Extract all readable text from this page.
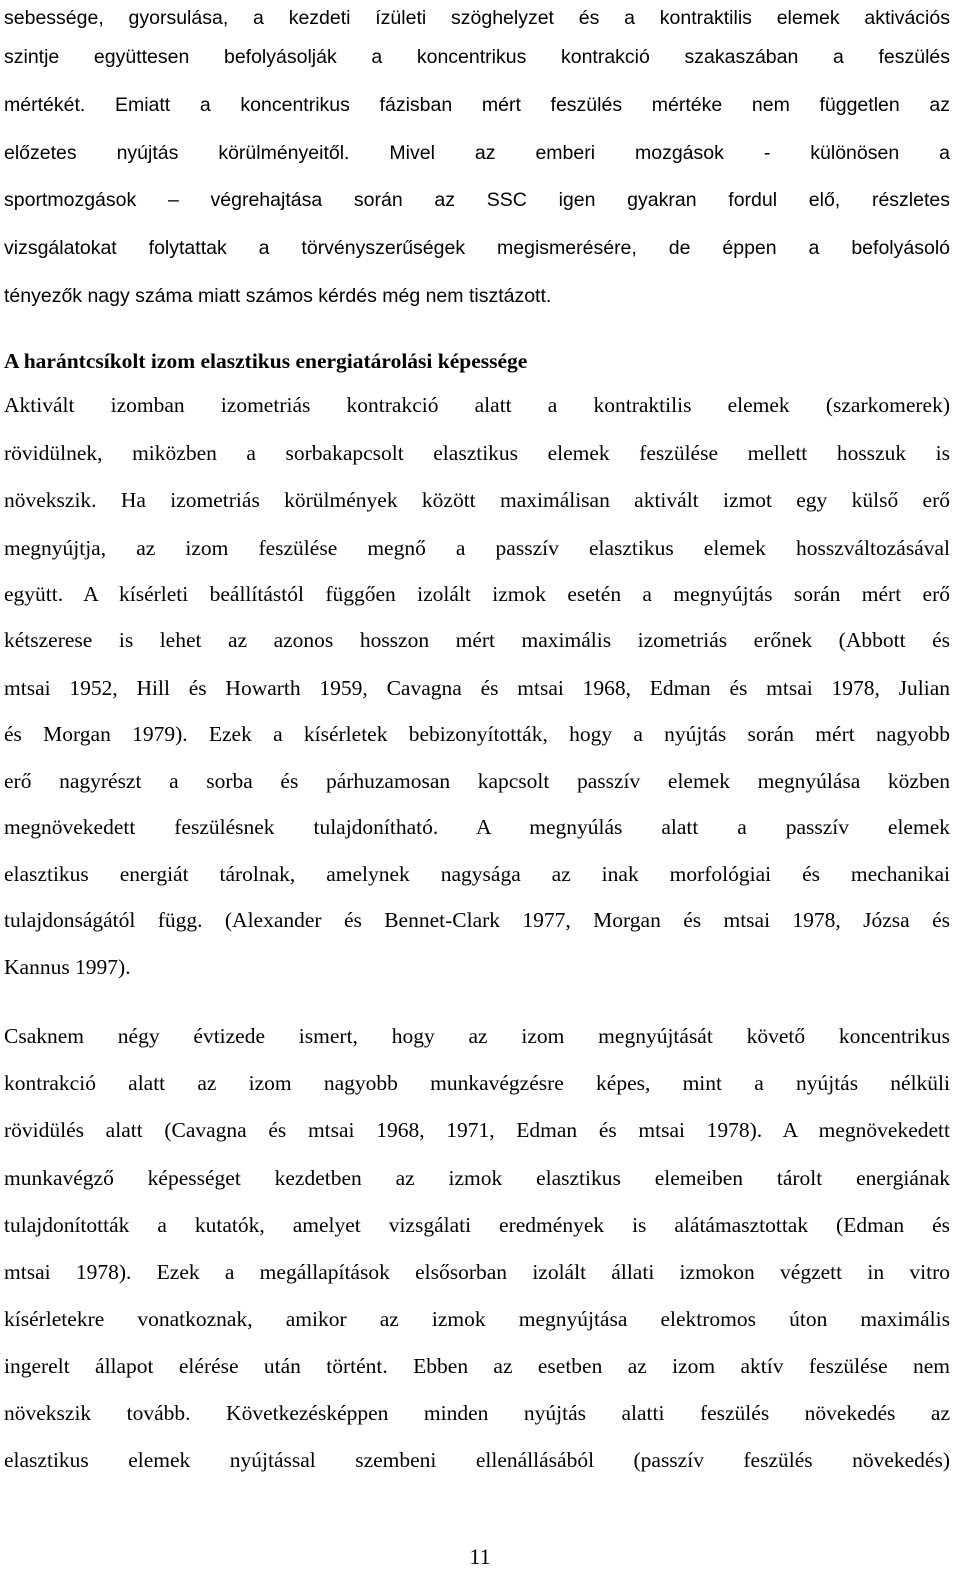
sebessége, gyorsulása, a kezdeti ízületi szöghelyzet és a kontraktilis elemek aktivációs
szintje együttesen befolyásolják a koncentrikus kontrakció szakaszában a feszülés
mértékét. Emiatt a koncentrikus fázisban mért feszülés mértéke nem független az
előzetes nyújtás körülményeitől. Mivel az emberi mozgások - különösen a
sportmozgások – végrehajtása során az SSC igen gyakran fordul elő, részletes
vizsgálatokat folytattak a törvényszerűségek megismerésére, de éppen a befolyásoló
tényezők nagy száma miatt számos kérdés még nem tisztázott.
A harántcsíkolt izom elasztikus energiatárolási képessége
Aktivált izomban izometriás kontrakció alatt a kontraktilis elemek (szarkomerek)
rövidülnek, miközben a sorbakapcsolt elasztikus elemek feszülése mellett hosszuk is
növekszik. Ha izometriás körülmények között maximálisan aktivált izmot egy külső erő
megnyújtja, az izom feszülése megnő a passzív elasztikus elemek hosszváltozásával
együtt. A kísérleti beállítástól függően izolált izmok esetén a megnyújtás során mért erő
kétszerese is lehet az azonos hosszon mért maximális izometriás erőnek (Abbott és
mtsai 1952, Hill és Howarth 1959, Cavagna és mtsai 1968, Edman és mtsai 1978, Julian
és Morgan 1979). Ezek a kísérletek bebizonyították, hogy a nyújtás során mért nagyobb
erő nagyrészt a sorba és párhuzamosan kapcsolt passzív elemek megnyúlása közben
megnövekedett feszülésnek tulajdonítható. A megnyúlás alatt a passzív elemek
elasztikus energiát tárolnak, amelynek nagysága az inak morfológiai és mechanikai
tulajdonságától függ. (Alexander és Bennet-Clark 1977, Morgan és mtsai 1978, Józsa és
Kannus 1997).
Csaknem négy évtizede ismert, hogy az izom megnyújtását követő koncentrikus
kontrakció alatt az izom nagyobb munkavégzésre képes, mint a nyújtás nélküli
rövidülés alatt (Cavagna és mtsai 1968, 1971, Edman és mtsai 1978). A megnövekedett
munkavégző képességet kezdetben az izmok elasztikus elemeiben tárolt energiának
tulajdonították a kutatók, amelyet vizsgálati eredmények is alátámasztottak (Edman és
mtsai 1978). Ezek a megállapítások elsősorban izolált állati izmokon végzett in vitro
kísérletekre vonatkoznak, amikor az izmok megnyújtása elektromos úton maximális
ingerelt állapot elérése után történt. Ebben az esetben az izom aktív feszülése nem
növekszik tovább. Következésképpen minden nyújtás alatti feszülés növekedés az
elasztikus elemek nyújtással szembeni ellenállásából (passzív feszülés növekedés)
11
